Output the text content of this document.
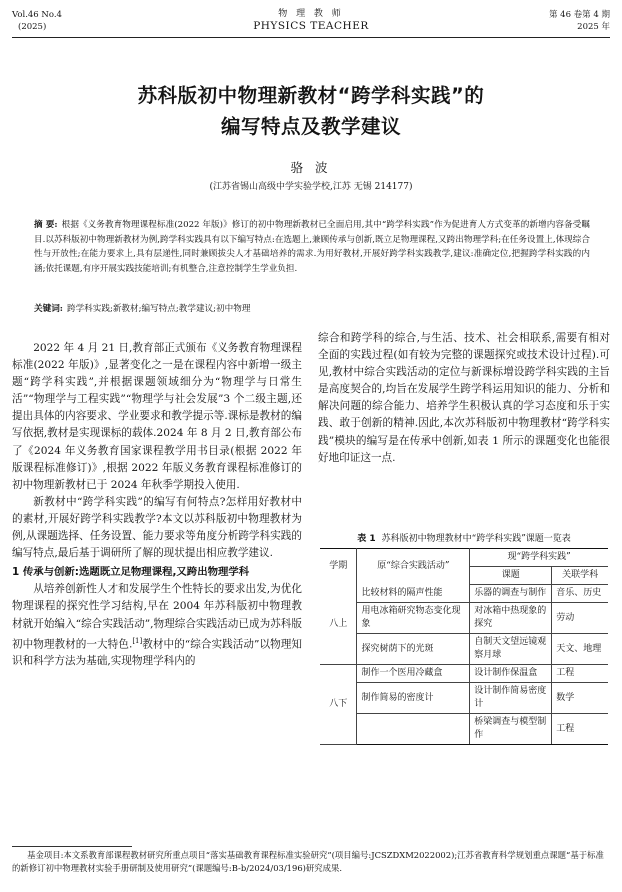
Vol.46 No.4
(2025)
物 理 教 师
PHYSICS TEACHER
第 46 卷第 4 期
2025 年
苏科版初中物理新教材“跨学科实践”的
编写特点及教学建议
骆 波
(江苏省锡山高级中学实验学校,江苏 无锡 214177)
摘 要: 根据《义务教育物理课程标准(2022 年版)》修订的初中物理新教材已全面启用,其中“跨学科实践”作为促进育人方式变革的新增内容备受瞩目.以苏科版初中物理新教材为例,跨学科实践具有以下编写特点:在选题上,兼顾传承与创新,既立足物理课程,又跨出物理学科;在任务设置上,体现综合性与开放性;在能力要求上,具有层递性,同时兼顾拔尖人才基础培养的需求.为用好教材,开展好跨学科实践教学,建议:准确定位,把握跨学科实践的内涵;依托课题,有序开展实践技能培训;有机整合,注意控制学生学业负担.
关键词: 跨学科实践;新教材;编写特点;教学建议;初中物理

2022 年 4 月 21 日,教育部正式颁布《义务教育物理课程标准(2022 年版)》,显著变化之一是在课程内容中新增一级主题“跨学科实践”,并根据课题领域细分为“物理学与日常生活”“物理学与工程实践”“物理学与社会发展”3 个二级主题,还提出具体的内容要求、学业要求和教学提示等.课标是教材的编写依据,教材是实现课标的载体.2024 年 8 月 2 日,教育部公布了《2024 年义务教育国家课程教学用书目录(根据 2022 年版课程标准修订)》,根据 2022 年版义务教育课程标准修订的初中物理新教材已于 2024 年秋季学期投入使用.

新教材中“跨学科实践”的编写有何特点?怎样用好教材中的素材,开展好跨学科实践教学?本文以苏科版初中物理教材为例,从课题选择、任务设置、能力要求等角度分析跨学科实践的编写特点,最后基于调研所了解的现状提出相应教学建议.

1 传承与创新:选题既立足物理课程,又跨出物理学科

从培养创新性人才和发展学生个性特长的要求出发,为优化物理课程的探究性学习结构,早在 2004 年苏科版初中物理教材就开始编入“综合实践活动”,物理综合实践活动已成为苏科版初中物理教材的一大特色.[1]教材中的“综合实践活动”以物理知识和科学方法为基础,实现物理学科内的

综合和跨学科的综合,与生活、技术、社会相联系,需要有相对全面的实践过程(如有较为完整的课题探究或技术设计过程).可见,教材中综合实践活动的定位与新课标增设跨学科实践的主旨是高度契合的,均旨在发展学生跨学科运用知识的能力、分析和解决问题的综合能力、培养学生积极认真的学习态度和乐于实践、敢于创新的精神.因此,本次苏科版初中物理教材“跨学科实践”模块的编写是在传承中创新,如表 1 所示的课题变化也能很好地印证这一点.

表 1 苏科版初中物理教材中“跨学科实践”课题一览表
学期	原“综合实践活动”	现“跨学科实践”	
		课题	关联学科
八上	比较材料的隔声性能	乐器的调查与制作	音乐、历史
	用电冰箱研究物态变化现象	对冰箱中热现象的探究	劳动
	探究树荫下的光斑	自制天文望远镜观察月球	天文、地理
八下	制作一个医用冷藏盒	设计制作保温盒	工程
	制作简易的密度计	设计制作简易密度计	数学
		桥梁调查与模型制作	工程
基金项目:本文系教育部课程教材研究所重点项目“落实基础教育课程标准实验研究”(项目编号:JCSZDXM2022002);江苏省教育科学规划重点课题“基于标准的新修订初中物理教材实验手册研制及使用研究”(课题编号:B-b/2024/03/196)研究成果.
